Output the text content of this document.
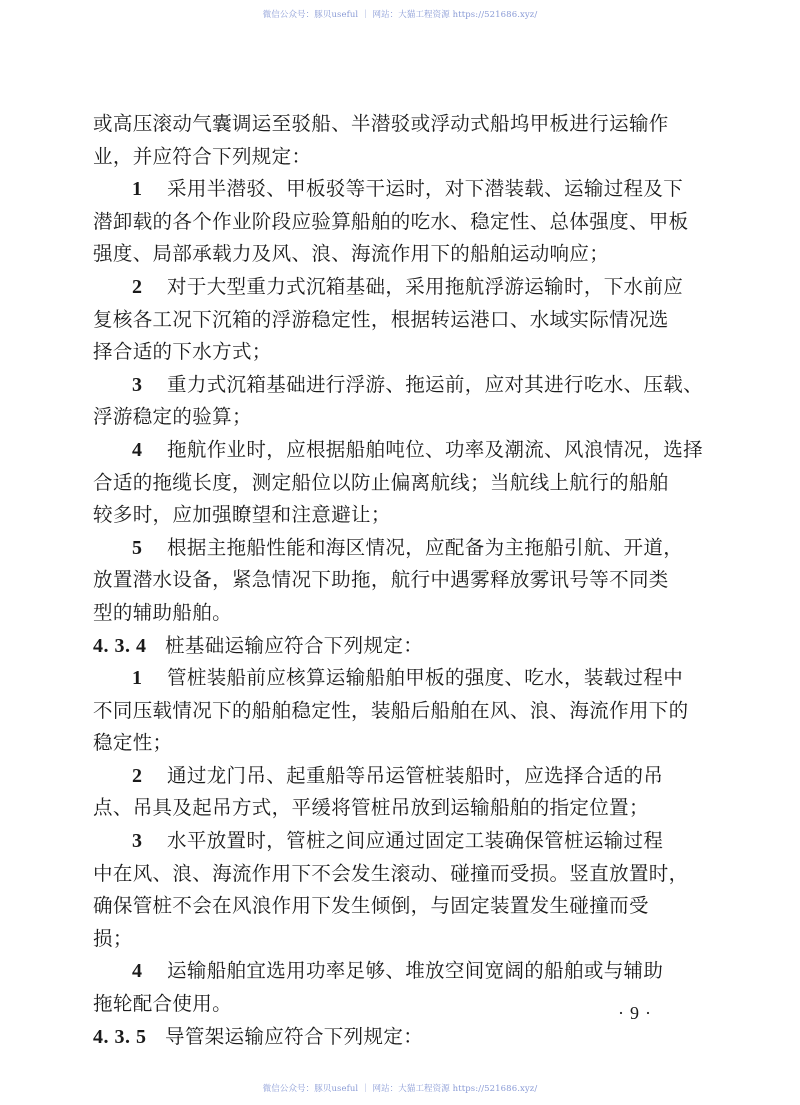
微信公众号：豚贝useful ｜ 网站：大猫工程资源 https://521686.xyz/
或高压滚动气囊调运至驳船、半潜驳或浮动式船坞甲板进行运输作
业，并应符合下列规定：
1 采用半潜驳、甲板驳等干运时，对下潜装载、运输过程及下
潜卸载的各个作业阶段应验算船舶的吃水、稳定性、总体强度、甲板
强度、局部承载力及风、浪、海流作用下的船舶运动响应；
2 对于大型重力式沉箱基础，采用拖航浮游运输时，下水前应
复核各工况下沉箱的浮游稳定性，根据转运港口、水域实际情况选
择合适的下水方式；
3 重力式沉箱基础进行浮游、拖运前，应对其进行吃水、压载、
浮游稳定的验算；
4 拖航作业时，应根据船舶吨位、功率及潮流、风浪情况，选择
合适的拖缆长度，测定船位以防止偏离航线；当航线上航行的船舶
较多时，应加强瞭望和注意避让；
5 根据主拖船性能和海区情况，应配备为主拖船引航、开道，
放置潜水设备，紧急情况下助拖，航行中遇雾释放雾讯号等不同类
型的辅助船舶。
4. 3. 4 桩基础运输应符合下列规定：
1 管桩装船前应核算运输船舶甲板的强度、吃水，装载过程中
不同压载情况下的船舶稳定性，装船后船舶在风、浪、海流作用下的
稳定性；
2 通过龙门吊、起重船等吊运管桩装船时，应选择合适的吊
点、吊具及起吊方式，平缓将管桩吊放到运输船舶的指定位置；
3 水平放置时，管桩之间应通过固定工装确保管桩运输过程
中在风、浪、海流作用下不会发生滚动、碰撞而受损。竖直放置时，
确保管桩不会在风浪作用下发生倾倒，与固定装置发生碰撞而受
损；
4 运输船舶宜选用功率足够、堆放空间宽阔的船舶或与辅助
拖轮配合使用。
4. 3. 5 导管架运输应符合下列规定：
·9·
微信公众号：豚贝useful ｜ 网站：大猫工程资源 https://521686.xyz/
